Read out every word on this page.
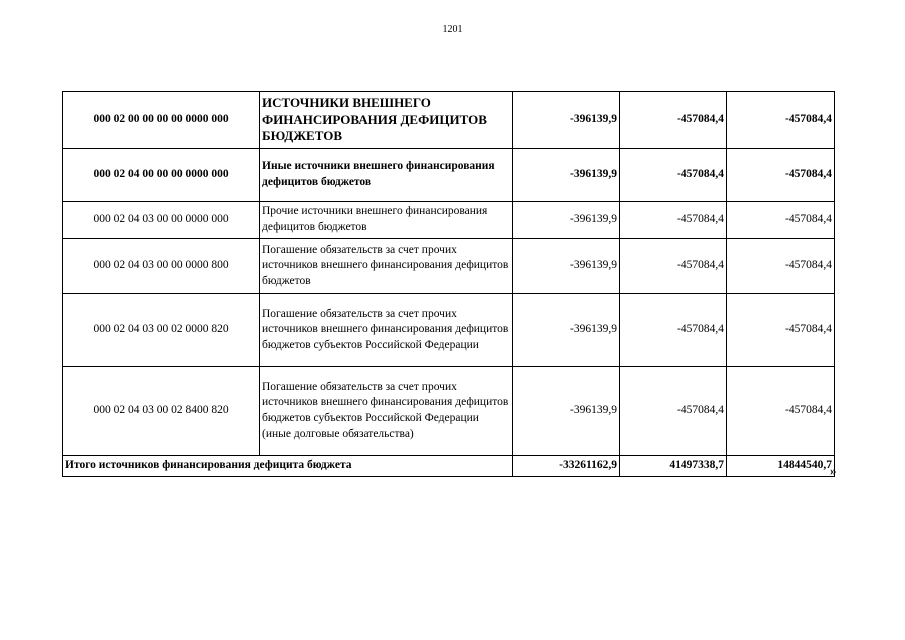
1201
000 02 00 00 00 00 0000 000	ИСТОЧНИКИ ВНЕШНЕГО ФИНАНСИРОВАНИЯ ДЕФИЦИТОВ БЮДЖЕТОВ	-396139,9	-457084,4	-457084,4
000 02 04 00 00 00 0000 000	Иные источники внешнего финансирования дефицитов бюджетов	-396139,9	-457084,4	-457084,4
000 02 04 03 00 00 0000 000	Прочие источники внешнего финансирования дефицитов бюджетов	-396139,9	-457084,4	-457084,4
000 02 04 03 00 00 0000 800	Погашение обязательств за счет прочих источников внешнего финансирования дефицитов бюджетов	-396139,9	-457084,4	-457084,4
000 02 04 03 00 02 0000 820	Погашение обязательств за счет прочих источников внешнего финансирования дефицитов бюджетов субъектов Российской Федерации	-396139,9	-457084,4	-457084,4
000 02 04 03 00 02 8400 820	Погашение обязательств за счет прочих источников внешнего финансирования дефицитов бюджетов субъектов Российской Федерации (иные долговые обязательства)	-396139,9	-457084,4	-457084,4
Итого источников финансирования дефицита бюджета		-33261162,9	41497338,7	14844540,7
»
